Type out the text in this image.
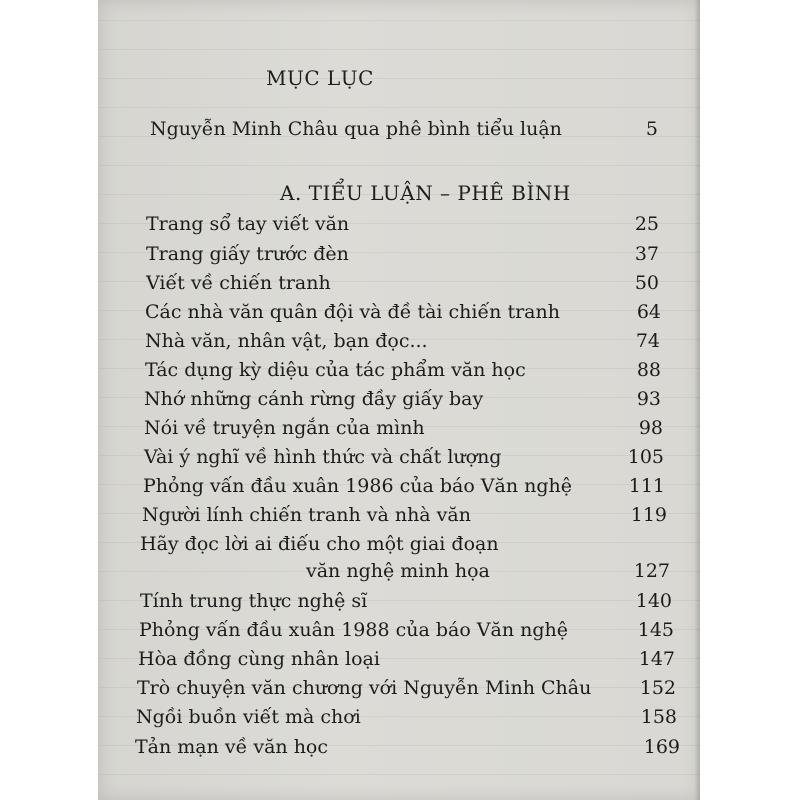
MỤC LỤC
Nguyễn Minh Châu qua phê bình tiểu luận	5
A. TIỂU LUẬN – PHÊ BÌNH
Trang sổ tay viết văn	25
Trang giấy trước đèn	37
Viết về chiến tranh	50
Các nhà văn quân đội và đề tài chiến tranh	64
Nhà văn, nhân vật, bạn đọc...	74
Tác dụng kỳ diệu của tác phẩm văn học	88
Nhớ những cánh rừng đầy giấy bay	93
Nói về truyện ngắn của mình	98
Vài ý nghĩ về hình thức và chất lượng	105
Phỏng vấn đầu xuân 1986 của báo Văn nghệ	111
Người lính chiến tranh và nhà văn	119
Hãy đọc lời ai điếu cho một giai đoạn
văn nghệ minh họa	127
Tính trung thực nghệ sĩ	140
Phỏng vấn đầu xuân 1988 của báo Văn nghệ	145
Hòa đồng cùng nhân loại	147
Trò chuyện văn chương với Nguyễn Minh Châu	152
Ngồi buồn viết mà chơi	158
Tản mạn về văn học	169
